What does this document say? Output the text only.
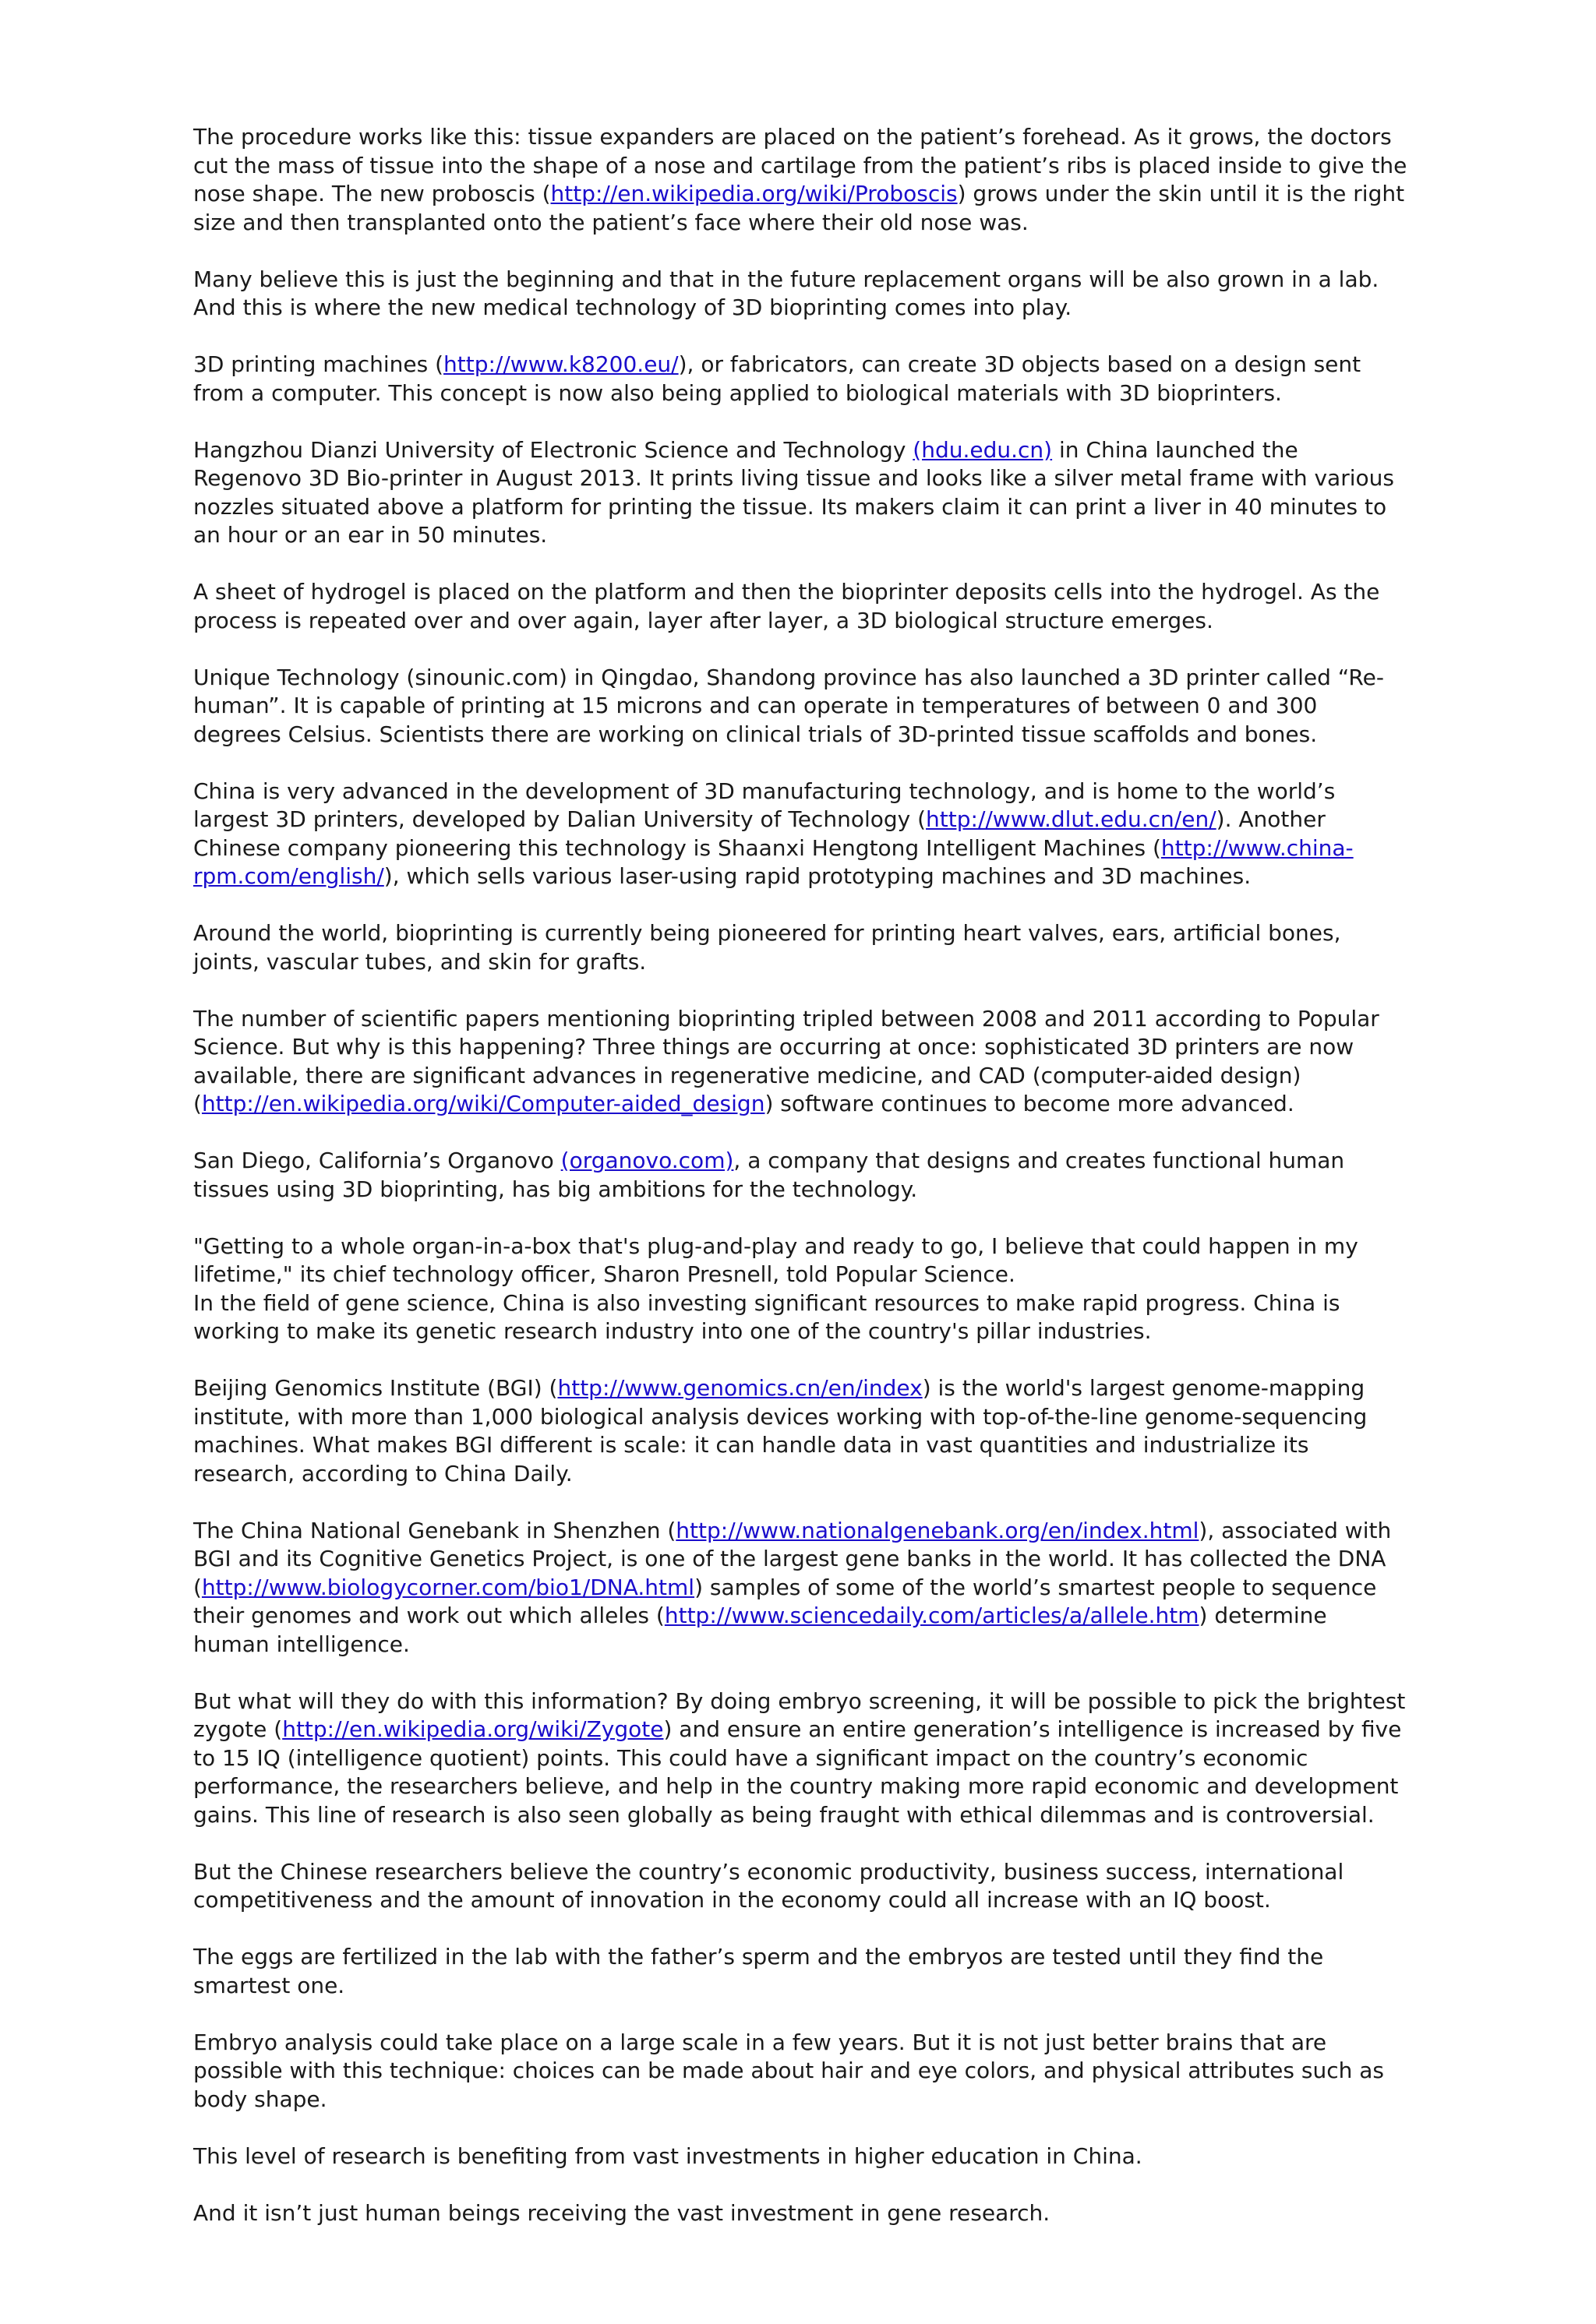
The procedure works like this: tissue expanders are placed on the patient’s forehead. As it grows, the doctors cut the mass of tissue into the shape of a nose and cartilage from the patient’s ribs is placed inside to give the nose shape. The new proboscis (http://en.wikipedia.org/wiki/Proboscis) grows under the skin until it is the right size and then transplanted onto the patient’s face where their old nose was.

Many believe this is just the beginning and that in the future replacement organs will be also grown in a lab. And this is where the new medical technology of 3D bioprinting comes into play.

3D printing machines (http://www.k8200.eu/), or fabricators, can create 3D objects based on a design sent from a computer. This concept is now also being applied to biological materials with 3D bioprinters.

Hangzhou Dianzi University of Electronic Science and Technology (hdu.edu.cn) in China launched the Regenovo 3D Bio-printer in August 2013. It prints living tissue and looks like a silver metal frame with various nozzles situated above a platform for printing the tissue. Its makers claim it can print a liver in 40 minutes to an hour or an ear in 50 minutes.

A sheet of hydrogel is placed on the platform and then the bioprinter deposits cells into the hydrogel. As the process is repeated over and over again, layer after layer, a 3D biological structure emerges.

Unique Technology (sinounic.com) in Qingdao, Shandong province has also launched a 3D printer called “Re-human”. It is capable of printing at 15 microns and can operate in temperatures of between 0 and 300 degrees Celsius. Scientists there are working on clinical trials of 3D-printed tissue scaffolds and bones.

China is very advanced in the development of 3D manufacturing technology, and is home to the world’s largest 3D printers, developed by Dalian University of Technology (http://www.dlut.edu.cn/en/). Another Chinese company pioneering this technology is Shaanxi Hengtong Intelligent Machines (http://www.china-rpm.com/english/), which sells various laser-using rapid prototyping machines and 3D machines.

Around the world, bioprinting is currently being pioneered for printing heart valves, ears, artificial bones, joints, vascular tubes, and skin for grafts.

The number of scientific papers mentioning bioprinting tripled between 2008 and 2011 according to Popular Science. But why is this happening? Three things are occurring at once: sophisticated 3D printers are now available, there are significant advances in regenerative medicine, and CAD (computer-aided design) (http://en.wikipedia.org/wiki/Computer-aided_design) software continues to become more advanced.

San Diego, California’s Organovo (organovo.com), a company that designs and creates functional human tissues using 3D bioprinting, has big ambitions for the technology.

"Getting to a whole organ-in-a-box that's plug-and-play and ready to go, I believe that could happen in my lifetime," its chief technology officer, Sharon Presnell, told Popular Science.

In the field of gene science, China is also investing significant resources to make rapid progress. China is working to make its genetic research industry into one of the country's pillar industries.

Beijing Genomics Institute (BGI) (http://www.genomics.cn/en/index) is the world's largest genome-mapping institute, with more than 1,000 biological analysis devices working with top-of-the-line genome-sequencing machines. What makes BGI different is scale: it can handle data in vast quantities and industrialize its research, according to China Daily.

The China National Genebank in Shenzhen (http://www.nationalgenebank.org/en/index.html), associated with BGI and its Cognitive Genetics Project, is one of the largest gene banks in the world. It has collected the DNA (http://www.biologycorner.com/bio1/DNA.html) samples of some of the world’s smartest people to sequence their genomes and work out which alleles (http://www.sciencedaily.com/articles/a/allele.htm) determine human intelligence.

But what will they do with this information? By doing embryo screening, it will be possible to pick the brightest zygote (http://en.wikipedia.org/wiki/Zygote) and ensure an entire generation’s intelligence is increased by five to 15 IQ (intelligence quotient) points. This could have a significant impact on the country’s economic performance, the researchers believe, and help in the country making more rapid economic and development gains. This line of research is also seen globally as being fraught with ethical dilemmas and is controversial.

But the Chinese researchers believe the country’s economic productivity, business success, international competitiveness and the amount of innovation in the economy could all increase with an IQ boost.

The eggs are fertilized in the lab with the father’s sperm and the embryos are tested until they find the smartest one.

Embryo analysis could take place on a large scale in a few years. But it is not just better brains that are possible with this technique: choices can be made about hair and eye colors, and physical attributes such as body shape.

This level of research is benefiting from vast investments in higher education in China.

And it isn’t just human beings receiving the vast investment in gene research.
